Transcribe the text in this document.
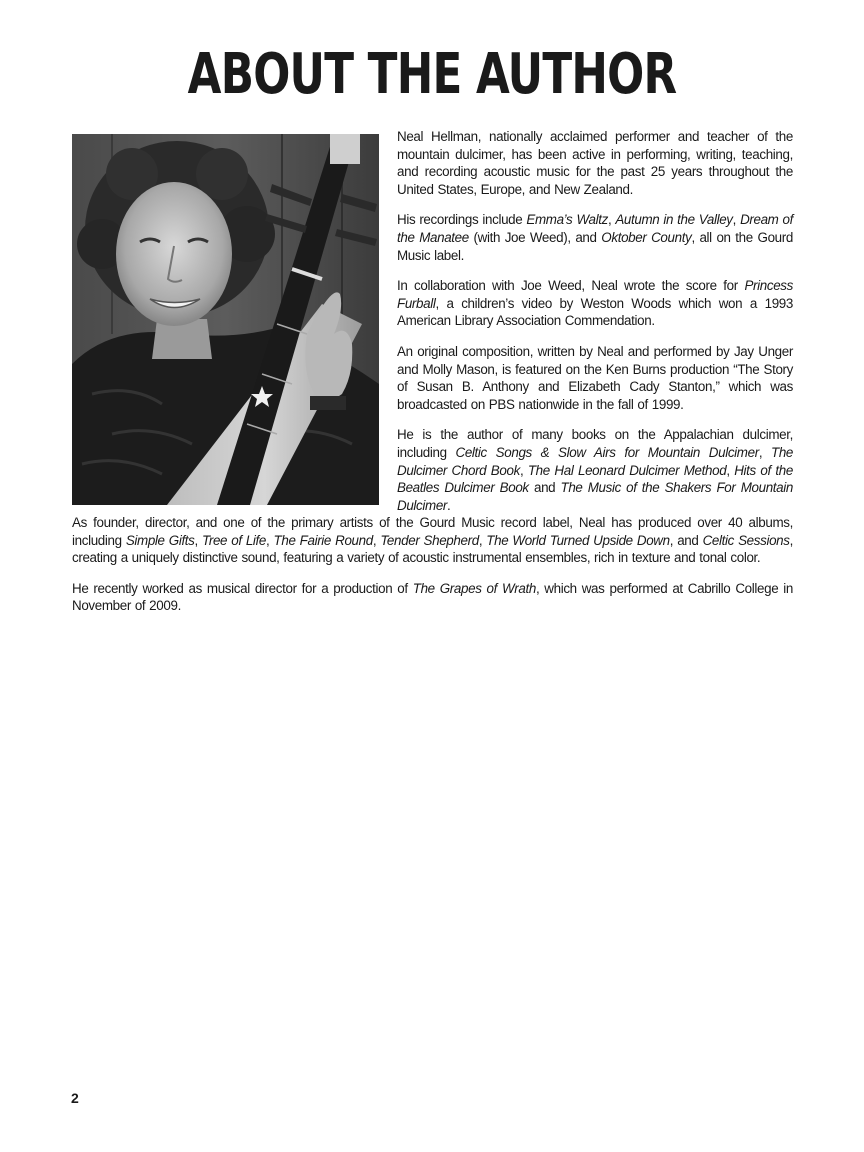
ABOUT THE AUTHOR

Neal Hellman, nationally acclaimed performer and teacher of the mountain dulcimer, has been active in performing, writing, teaching, and recording acoustic music for the past 25 years throughout the United States, Europe, and New Zealand.

His recordings include Emma’s Waltz, Autumn in the Valley, Dream of the Manatee (with Joe Weed), and Oktober County, all on the Gourd Music label.

In collaboration with Joe Weed, Neal wrote the score for Princess Furball, a children’s video by Weston Woods which won a 1993 American Library Association Commendation.

An original composition, written by Neal and performed by Jay Unger and Molly Mason, is featured on the Ken Burns production “The Story of Susan B. Anthony and Elizabeth Cady Stanton,” which was broadcasted on PBS nationwide in the fall of 1999.

He is the author of many books on the Appalachian dulcimer, including Celtic Songs & Slow Airs for Mountain Dulcimer, The Dulcimer Chord Book, The Hal Leonard Dulcimer Method, Hits of the Beatles Dulcimer Book and The Music of the Shakers For Mountain Dulcimer.

As founder, director, and one of the primary artists of the Gourd Music record label, Neal has produced over 40 albums, including Simple Gifts, Tree of Life, The Fairie Round, Tender Shepherd, The World Turned Upside Down, and Celtic Sessions, creating a uniquely distinctive sound, featuring a variety of acoustic instrumental ensembles, rich in texture and tonal color.

He recently worked as musical director for a production of The Grapes of Wrath, which was performed at Cabrillo College in November of 2009.

2
